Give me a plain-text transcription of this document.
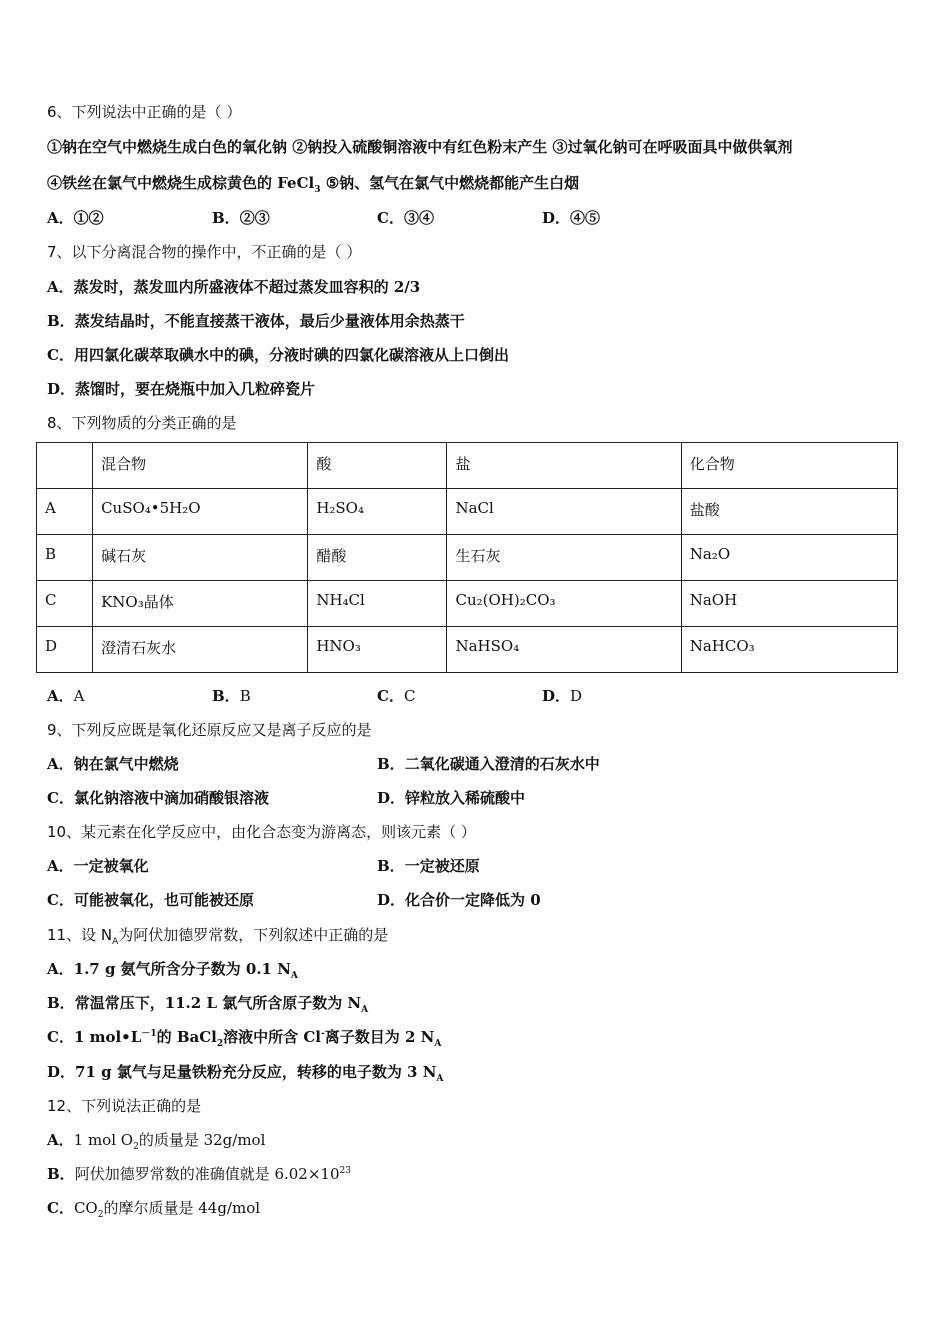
6、下列说法中正确的是（ ）
①钠在空气中燃烧生成白色的氧化钠 ②钠投入硫酸铜溶液中有红色粉末产生 ③过氧化钠可在呼吸面具中做供氧剂
④铁丝在氯气中燃烧生成棕黄色的 FeCl$_3$ ⑤钠、氢气在氯气中燃烧都能产生白烟
A．①②	B．②③	C．③④	D．④⑤
7、以下分离混合物的操作中，不正确的是（ ）
A．蒸发时，蒸发皿内所盛液体不超过蒸发皿容积的 2/3
B．蒸发结晶时，不能直接蒸干液体，最后少量液体用余热蒸干
C．用四氯化碳萃取碘水中的碘，分液时碘的四氯化碳溶液从上口倒出
D．蒸馏时，要在烧瓶中加入几粒碎瓷片
8、下列物质的分类正确的是
	混合物	酸	盐	化合物
A	CuSO₄•5H₂O	H₂SO₄	NaCl	盐酸
B	碱石灰	醋酸	生石灰	Na₂O
C	KNO₃晶体	NH₄Cl	Cu₂(OH)₂CO₃	NaOH
D	澄清石灰水	HNO₃	NaHSO₄	NaHCO₃
A．A	B．B	C．C	D．D
9、下列反应既是氧化还原反应又是离子反应的是
A．钠在氯气中燃烧	B．二氧化碳通入澄清的石灰水中
C．氯化钠溶液中滴加硝酸银溶液	D．锌粒放入稀硫酸中
10、某元素在化学反应中，由化合态变为游离态，则该元素（ ）
A．一定被氧化	B．一定被还原
C．可能被氧化，也可能被还原	D．化合价一定降低为 0
11、设 $N_A$为阿伏加德罗常数，下列叙述中正确的是
A．1.7 g 氨气所含分子数为 0.1 $N_A$
B．常温常压下，11.2 L 氯气所含原子数为 $N_A$
C．1 $mol•L^{-1}$的 BaCl$_2$溶液中所含 Cl-离子数目为 2 $N_A$
D．71 g 氯气与足量铁粉充分反应，转移的电子数为 3 $N_A$
12、下列说法正确的是
A．1 mol $O_2$的质量是 32g/mol
B．阿伏加德罗常数的准确值就是 $6.02\times 10^{23}$
C．$CO_2$的摩尔质量是 44g/mol
